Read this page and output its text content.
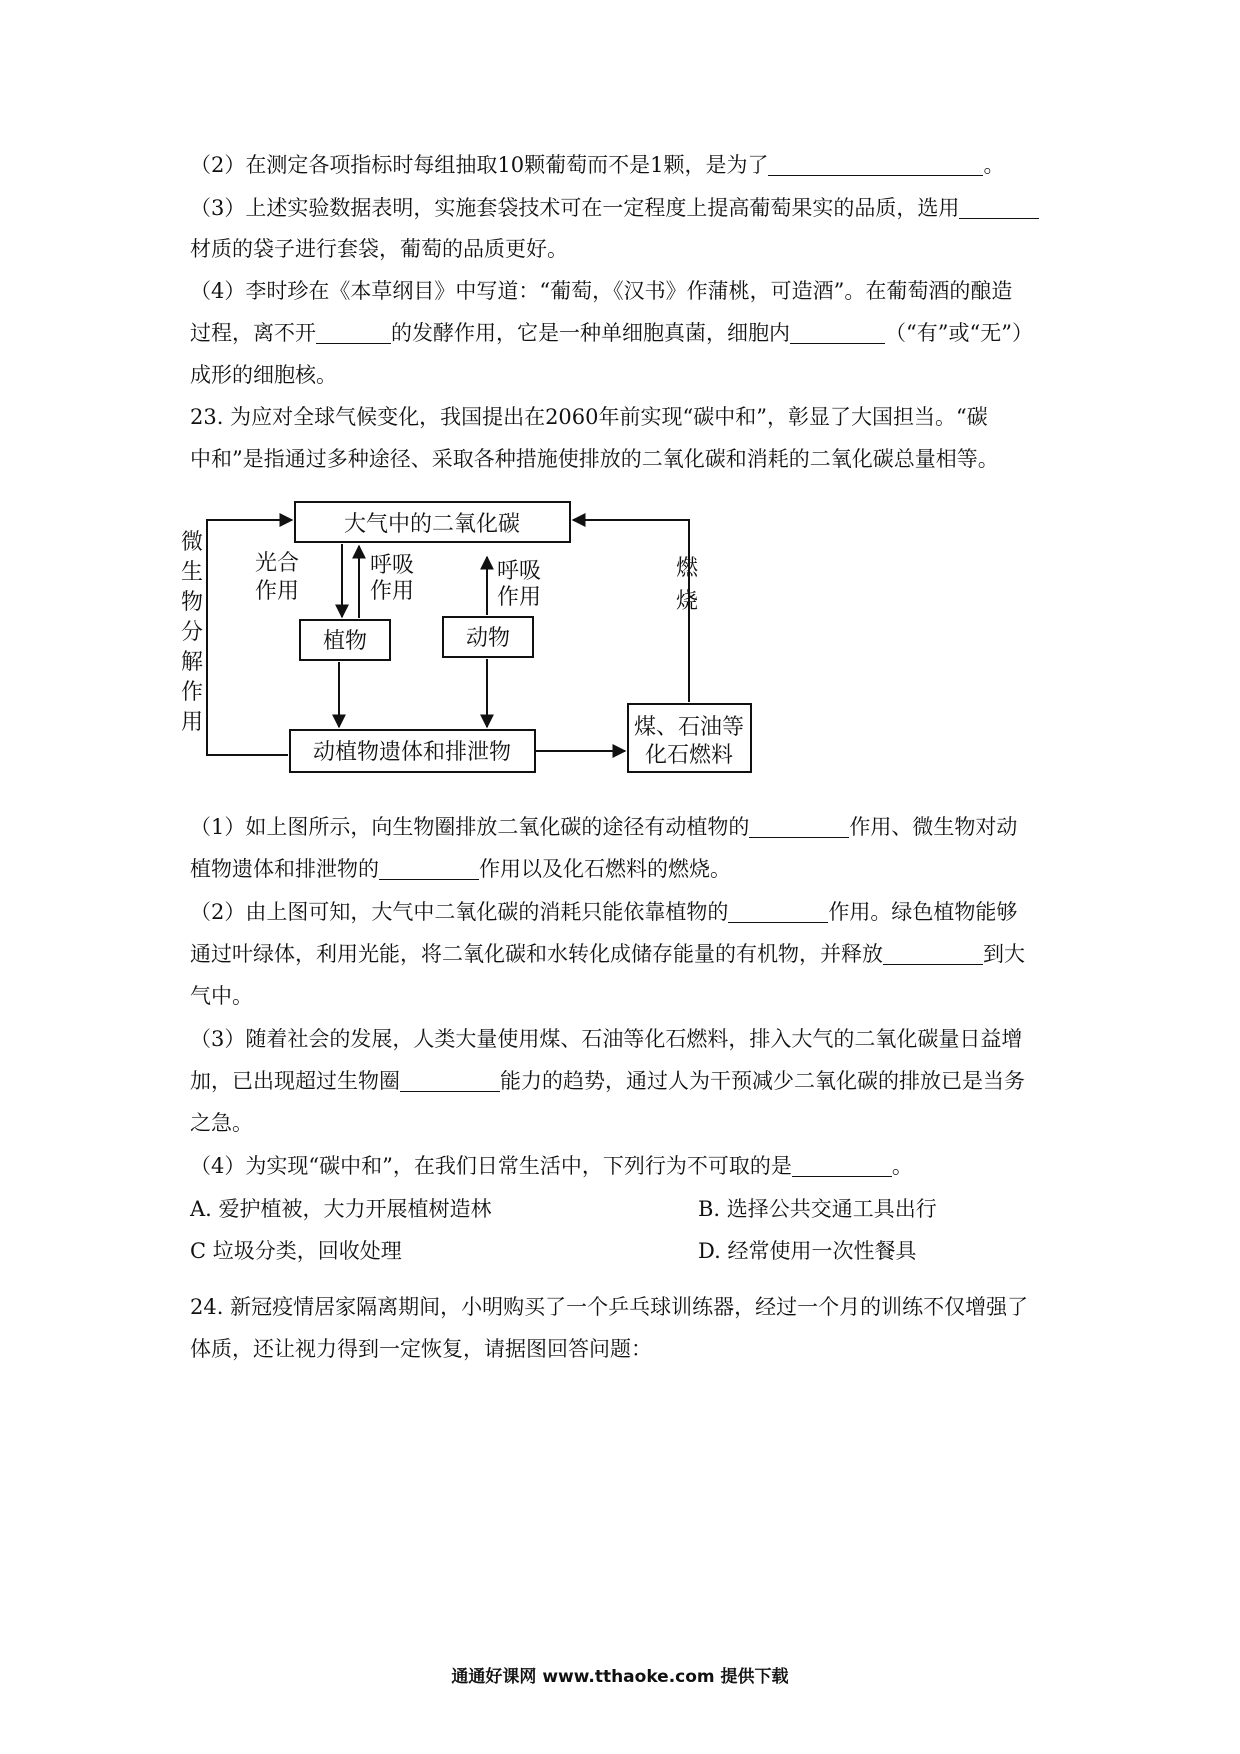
（2）在测定各项指标时每组抽取10颗葡萄而不是1颗，是为了	。
（3）上述实验数据表明，实施套袋技术可在一定程度上提高葡萄果实的品质，选用
材质的袋子进行套袋，葡萄的品质更好。
（4）李时珍在《本草纲目》中写道：“葡萄，《汉书》作蒲桃，可造酒”。在葡萄酒的酿造
过程，离不开	的发酵作用，它是一种单细胞真菌，细胞内	（“有”或“无”）
成形的细胞核。
23. 为应对全球气候变化，我国提出在2060年前实现“碳中和”，彰显了大国担当。“碳
中和”是指通过多种途径、采取各种措施使排放的二氧化碳和消耗的二氧化碳总量相等。
大气中的二氧化碳
光合
作用
呼吸
作用
呼吸
作用
植物	动物
动植物遗体和排泄物
煤、石油等
化石燃料
燃
烧
微
生
物
分
解
作
用
（1）如上图所示，向生物圈排放二氧化碳的途径有动植物的	作用、微生物对动
植物遗体和排泄物的	作用以及化石燃料的燃烧。
（2）由上图可知，大气中二氧化碳的消耗只能依靠植物的	作用。绿色植物能够
通过叶绿体，利用光能，将二氧化碳和水转化成储存能量的有机物，并释放	到大
气中。
（3）随着社会的发展，人类大量使用煤、石油等化石燃料，排入大气的二氧化碳量日益增
加，已出现超过生物圈	能力的趋势，通过人为干预减少二氧化碳的排放已是当务
之急。
（4）为实现“碳中和”，在我们日常生活中，下列行为不可取的是	。
A. 爱护植被，大力开展植树造林	B. 选择公共交通工具出行
C 垃圾分类，回收处理	D. 经常使用一次性餐具
24. 新冠疫情居家隔离期间，小明购买了一个乒乓球训练器，经过一个月的训练不仅增强了
体质，还让视力得到一定恢复，请据图回答问题：
通通好课网 www.tthaoke.com 提供下载
